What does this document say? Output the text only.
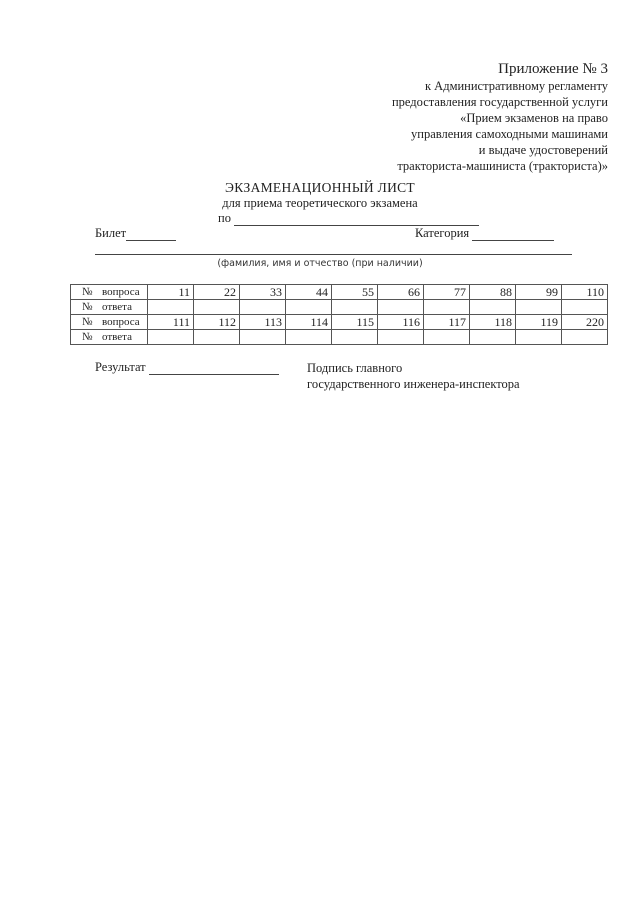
Приложение № 3
к Административному регламенту
предоставления государственной услуги
«Прием экзаменов на право
управления самоходными машинами
и выдаче удостоверений
тракториста-машиниста (тракториста)»
ЭКЗАМЕНАЦИОННЫЙ ЛИСТ
для приема теоретического экзамена
по
Билет	Категория
(фамилия, имя и отчество (при наличии)
№ вопроса	11	22	33	44	55	66	77	88	99	110
№ ответа										
№ вопроса	111	112	113	114	115	116	117	118	119	220
№ ответа										
Результат	Подпись главного
государственного инженера-инспектора
